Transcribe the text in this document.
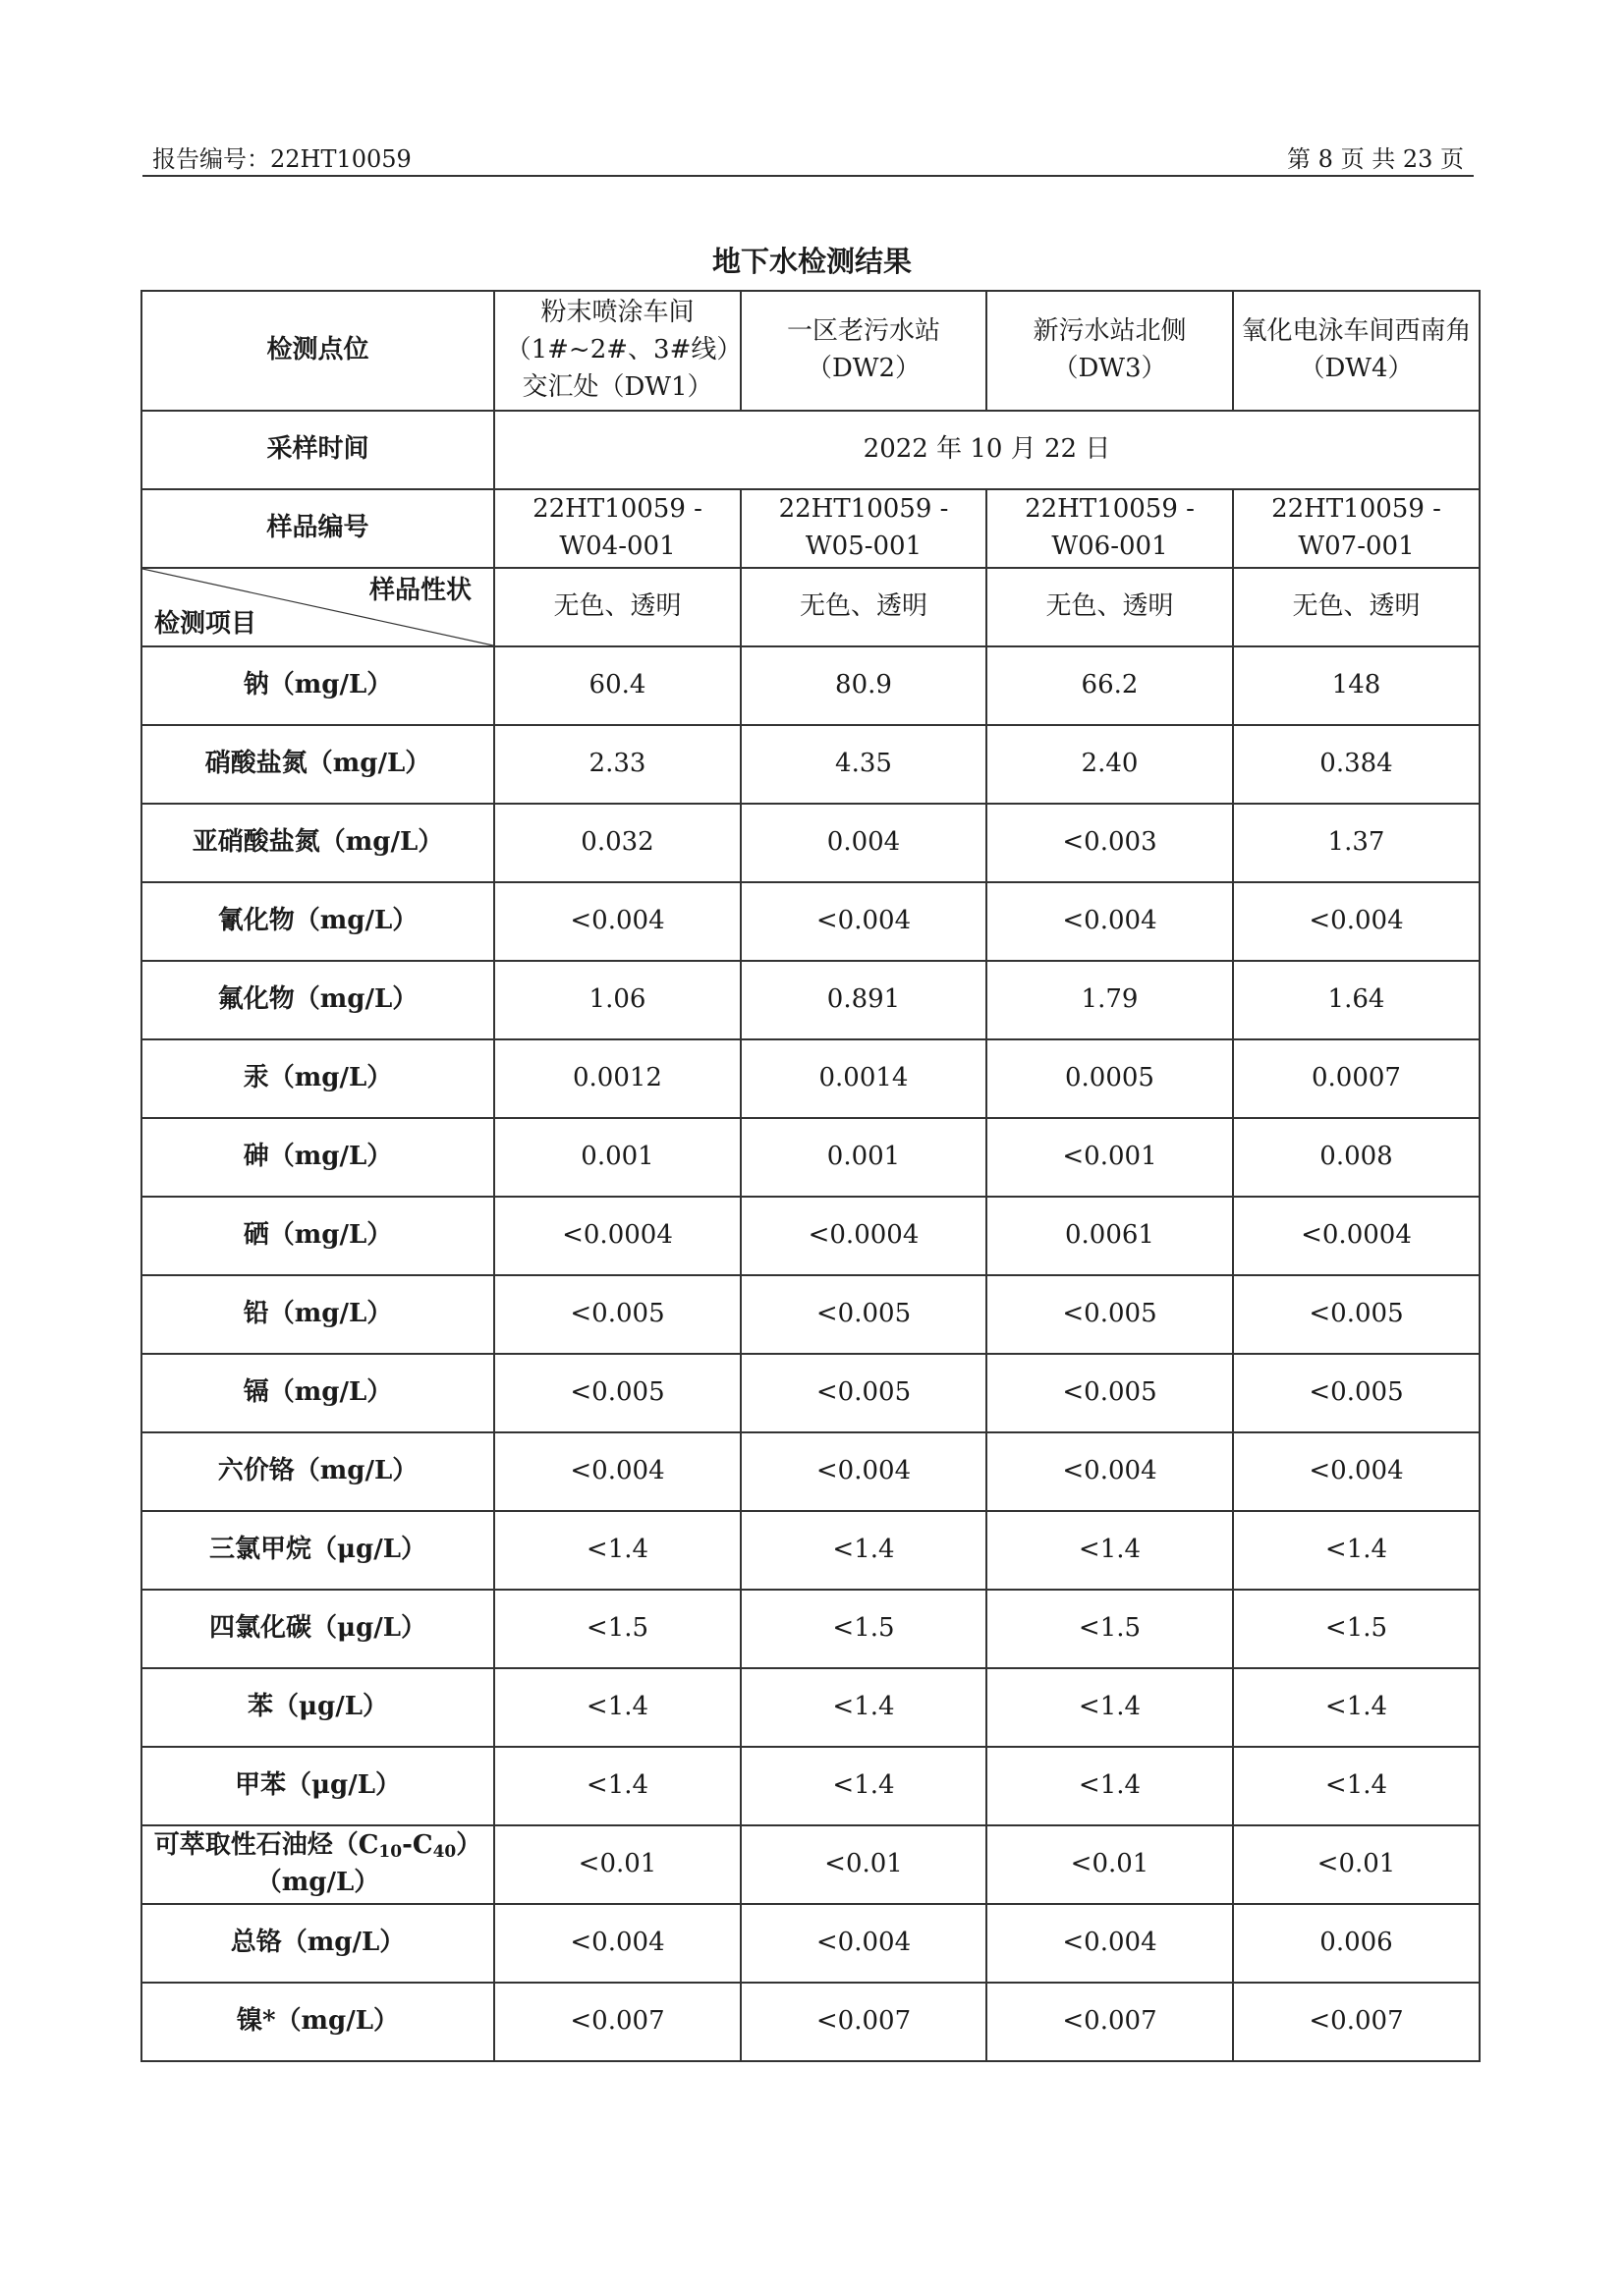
报告编号：22HT10059	第 8 页 共 23 页
地下水检测结果
检测点位	粉末喷涂车间（1#~2#、3#线）交汇处（DW1）	一区老污水站（DW2）	新污水站北侧（DW3）	氧化电泳车间西南角（DW4）
采样时间	2022 年 10 月 22 日			
样品编号	22HT10059 -W04-001	22HT10059 -W05-001	22HT10059 -W06-001	22HT10059 -W07-001

样品性状
检测项目	无色、透明	无色、透明	无色、透明	无色、透明
钠（mg/L）	60.4	80.9	66.2	148
硝酸盐氮（mg/L）	2.33	4.35	2.40	0.384
亚硝酸盐氮（mg/L）	0.032	0.004	<0.003	1.37
氰化物（mg/L）	<0.004	<0.004	<0.004	<0.004
氟化物（mg/L）	1.06	0.891	1.79	1.64
汞（mg/L）	0.0012	0.0014	0.0005	0.0007
砷（mg/L）	0.001	0.001	<0.001	0.008
硒（mg/L）	<0.0004	<0.0004	0.0061	<0.0004
铅（mg/L）	<0.005	<0.005	<0.005	<0.005
镉（mg/L）	<0.005	<0.005	<0.005	<0.005
六价铬（mg/L）	<0.004	<0.004	<0.004	<0.004
三氯甲烷（μg/L）	<1.4	<1.4	<1.4	<1.4
四氯化碳（μg/L）	<1.5	<1.5	<1.5	<1.5
苯（μg/L）	<1.4	<1.4	<1.4	<1.4
甲苯（μg/L）	<1.4	<1.4	<1.4	<1.4
可萃取性石油烃$(C_{10}-C_{40})$
（mg/L）	<0.01	<0.01	<0.01	<0.01
总铬（mg/L）	<0.004	<0.004	<0.004	0.006
镍*（mg/L）	<0.007	<0.007	<0.007	<0.007
